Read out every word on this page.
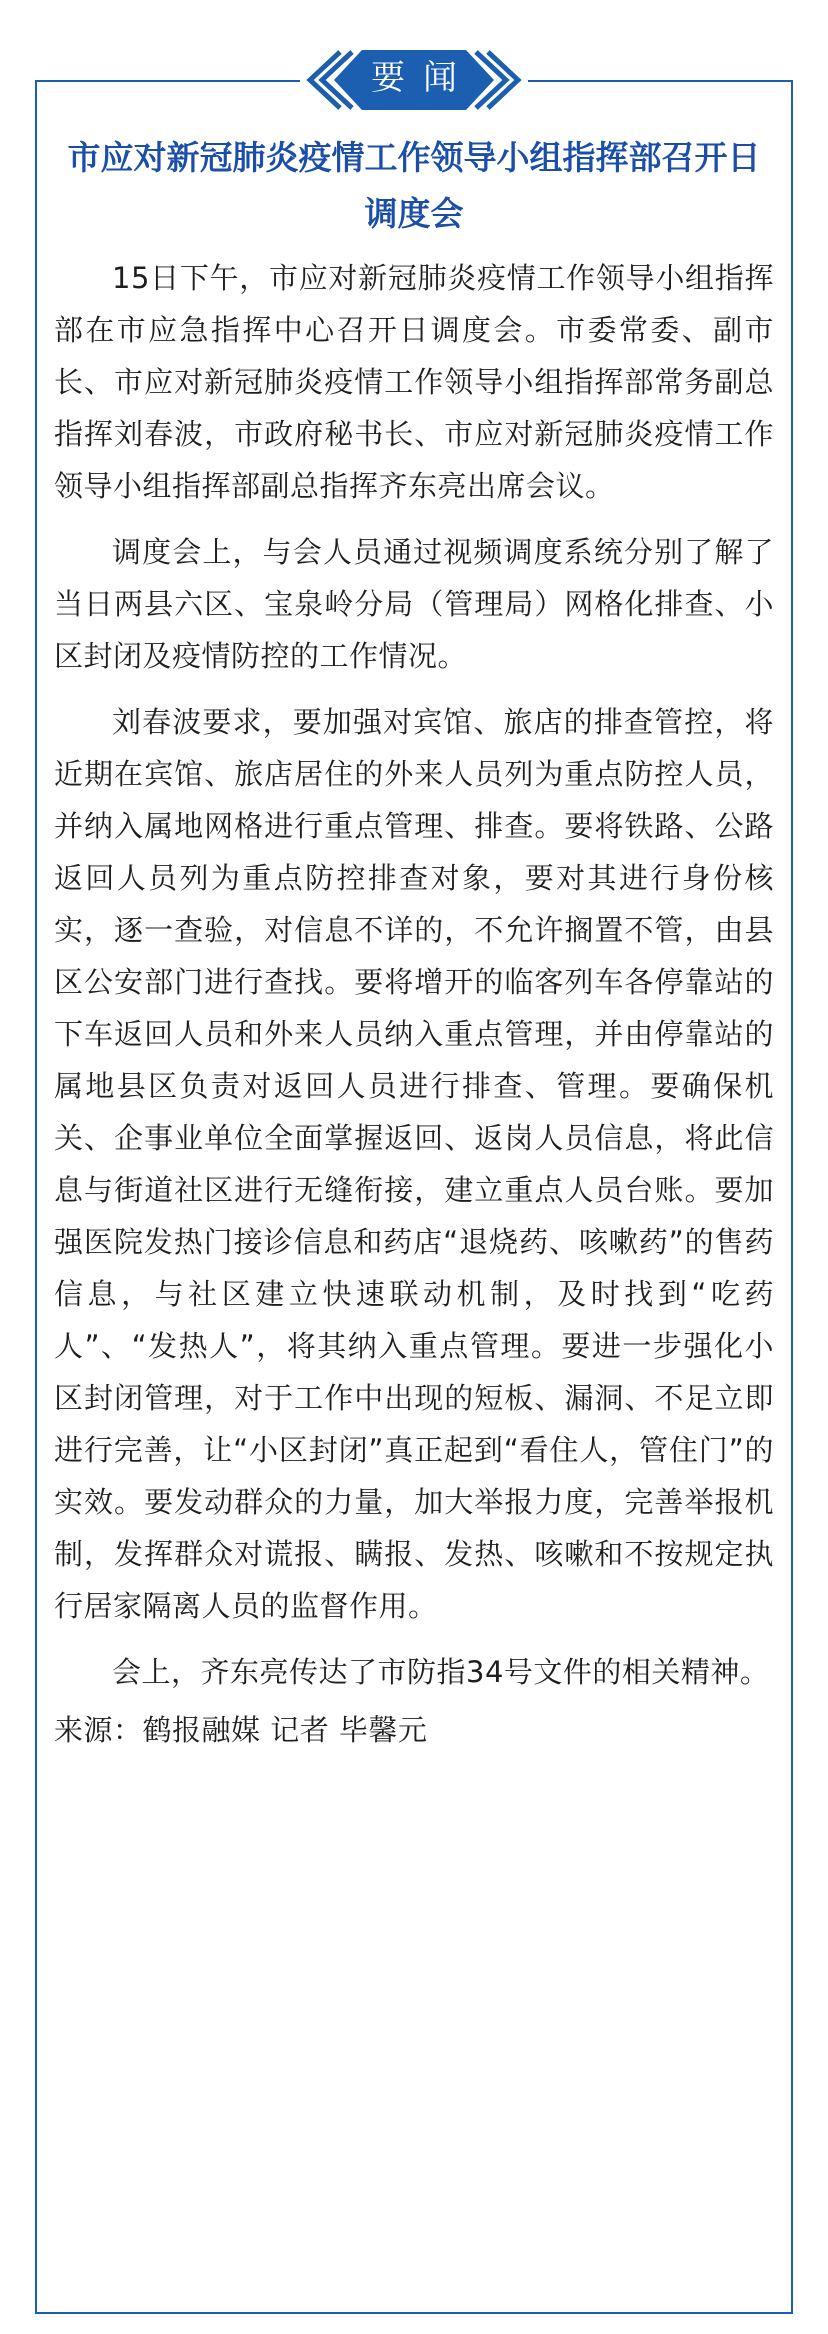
要闻
市应对新冠肺炎疫情工作领导小组指挥部召开日调度会

15日下午，市应对新冠肺炎疫情工作领导小组指挥部在市应急指挥中心召开日调度会。市委常委、副市长、市应对新冠肺炎疫情工作领导小组指挥部常务副总指挥刘春波，市政府秘书长、市应对新冠肺炎疫情工作领导小组指挥部副总指挥齐东亮出席会议。

调度会上，与会人员通过视频调度系统分别了解了当日两县六区、宝泉岭分局（管理局）网格化排查、小区封闭及疫情防控的工作情况。

刘春波要求，要加强对宾馆、旅店的排查管控，将近期在宾馆、旅店居住的外来人员列为重点防控人员，并纳入属地网格进行重点管理、排查。要将铁路、公路返回人员列为重点防控排查对象，要对其进行身份核实，逐一查验，对信息不详的，不允许搁置不管，由县区公安部门进行查找。要将增开的临客列车各停靠站的下车返回人员和外来人员纳入重点管理，并由停靠站的属地县区负责对返回人员进行排查、管理。要确保机关、企事业单位全面掌握返回、返岗人员信息，将此信息与街道社区进行无缝衔接，建立重点人员台账。要加强医院发热门接诊信息和药店“退烧药、咳嗽药”的售药信息，与社区建立快速联动机制，及时找到“吃药人”、“发热人”，将其纳入重点管理。要进一步强化小区封闭管理，对于工作中出现的短板、漏洞、不足立即进行完善，让“小区封闭”真正起到“看住人，管住门”的实效。要发动群众的力量，加大举报力度，完善举报机制，发挥群众对谎报、瞒报、发热、咳嗽和不按规定执行居家隔离人员的监督作用。

会上，齐东亮传达了市防指34号文件的相关精神。

来源：鹤报融媒 记者 毕馨元
